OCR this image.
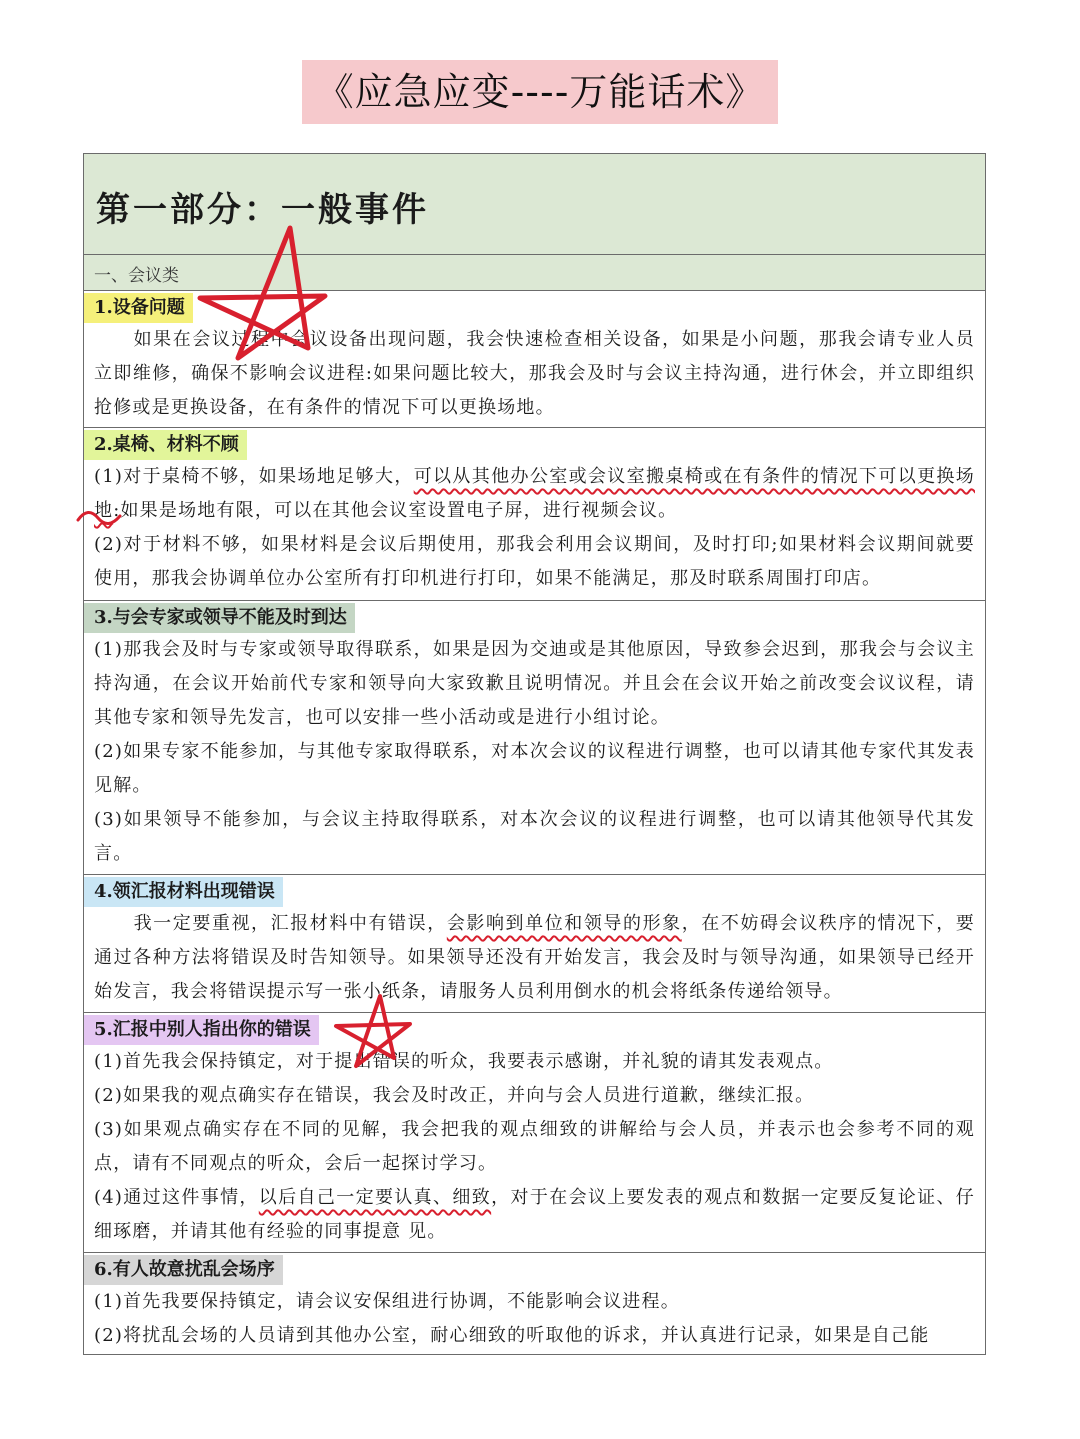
《应急应变----万能话术》
第一部分：一般事件
一、会议类
1.设备问题

如果在会议过程中会议设备出现问题，我会快速检查相关设备，如果是小问题，那我会请专业人员立即维修，确保不影响会议进程:如果问题比较大，那我会及时与会议主持沟通，进行休会，并立即组织抢修或是更换设备，在有条件的情况下可以更换场地。

2.桌椅、材料不顾

(1)对于桌椅不够，如果场地足够大，可以从其他办公室或会议室搬桌椅或在有条件的情况下可以更换场地:如果是场地有限，可以在其他会议室设置电子屏，进行视频会议。

(2)对于材料不够，如果材料是会议后期使用，那我会利用会议期间，及时打印;如果材料会议期间就要使用，那我会协调单位办公室所有打印机进行打印，如果不能满足，那及时联系周围打印店。

3.与会专家或领导不能及时到达

(1)那我会及时与专家或领导取得联系，如果是因为交迪或是其他原因，导致参会迟到，那我会与会议主持沟通，在会议开始前代专家和领导向大家致歉且说明情况。并且会在会议开始之前改变会议议程，请其他专家和领导先发言，也可以安排一些小活动或是进行小组讨论。

(2)如果专家不能参加，与其他专家取得联系，对本次会议的议程进行调整，也可以请其他专家代其发表见解。

(3)如果领导不能参加，与会议主持取得联系，对本次会议的议程进行调整，也可以请其他领导代其发言。

4.领汇报材料出现错误

我一定要重视，汇报材料中有错误，会影响到单位和领导的形象，在不妨碍会议秩序的情况下，要通过各种方法将错误及时告知领导。如果领导还没有开始发言，我会及时与领导沟通，如果领导已经开始发言，我会将错误提示写一张小纸条，请服务人员利用倒水的机会将纸条传递给领导。

5.汇报中别人指出你的错误

(1)首先我会保持镇定，对于提出错误的听众，我要表示感谢，并礼貌的请其发表观点。

(2)如果我的观点确实存在错误，我会及时改正，并向与会人员进行道歉，继续汇报。

(3)如果观点确实存在不同的见解，我会把我的观点细致的讲解给与会人员，并表示也会参考不同的观点，请有不同观点的听众，会后一起探讨学习。

(4)通过这件事情，以后自己一定要认真、细致，对于在会议上要发表的观点和数据一定要反复论证、仔细琢磨，并请其他有经验的同事提意 见。

6.有人故意扰乱会场序

(1)首先我要保持镇定，请会议安保组进行协调，不能影响会议进程。

(2)将扰乱会场的人员请到其他办公室，耐心细致的听取他的诉求，并认真进行记录，如果是自己能
